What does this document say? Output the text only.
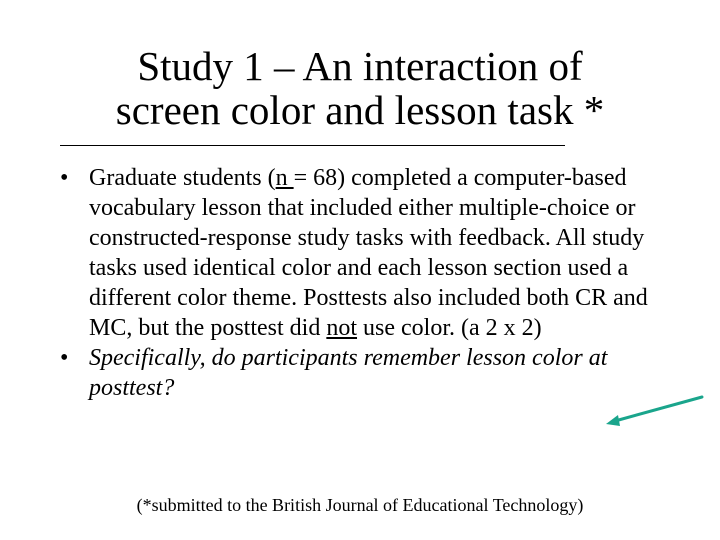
Study 1 – An interaction of
screen color and lesson task *
• Graduate students (n = 68) completed a computer-based vocabulary lesson that included either multiple-choice or constructed-response study tasks with feedback. All study tasks used identical color and each lesson section used a different color theme. Posttests also included both CR and MC, but the posttest did not use color. (a 2 x 2)
• Specifically, do participants remember lesson color at posttest?
(*submitted to the British Journal of Educational Technology)
